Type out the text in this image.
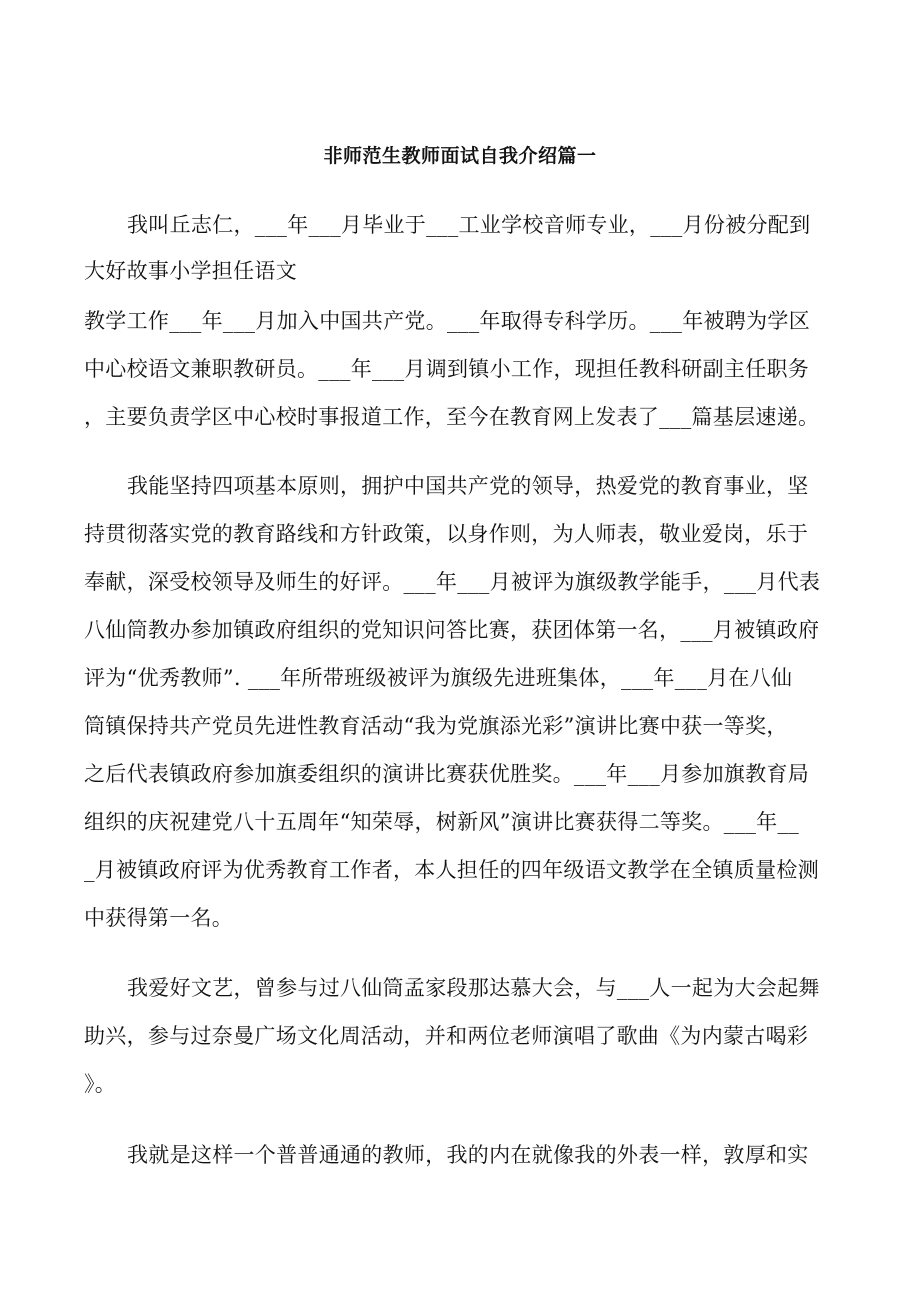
非师范生教师面试自我介绍篇一
我叫丘志仁，___年___月毕业于___工业学校音师专业，___月份被分配到
大好故事小学担任语文
教学工作___年___月加入中国共产党。___年取得专科学历。___年被聘为学区
中心校语文兼职教研员。___年___月调到镇小工作，现担任教科研副主任职务
，主要负责学区中心校时事报道工作，至今在教育网上发表了___篇基层速递。
我能坚持四项基本原则，拥护中国共产党的领导，热爱党的教育事业，坚
持贯彻落实党的教育路线和方针政策，以身作则，为人师表，敬业爱岗，乐于
奉献，深受校领导及师生的好评。___年___月被评为旗级教学能手，___月代表
八仙筒教办参加镇政府组织的党知识问答比赛，获团体第一名，___月被镇政府
评为“优秀教师”. ___年所带班级被评为旗级先进班集体，___年___月在八仙
筒镇保持共产党员先进性教育活动“我为党旗添光彩”演讲比赛中获一等奖，
之后代表镇政府参加旗委组织的演讲比赛获优胜奖。___年___月参加旗教育局
组织的庆祝建党八十五周年“知荣辱，树新风”演讲比赛获得二等奖。___年__
_月被镇政府评为优秀教育工作者，本人担任的四年级语文教学在全镇质量检测
中获得第一名。
我爱好文艺，曾参与过八仙筒孟家段那达慕大会，与___人一起为大会起舞
助兴，参与过奈曼广场文化周活动，并和两位老师演唱了歌曲《为内蒙古喝彩
》。
我就是这样一个普普通通的教师，我的内在就像我的外表一样，敦厚和实
